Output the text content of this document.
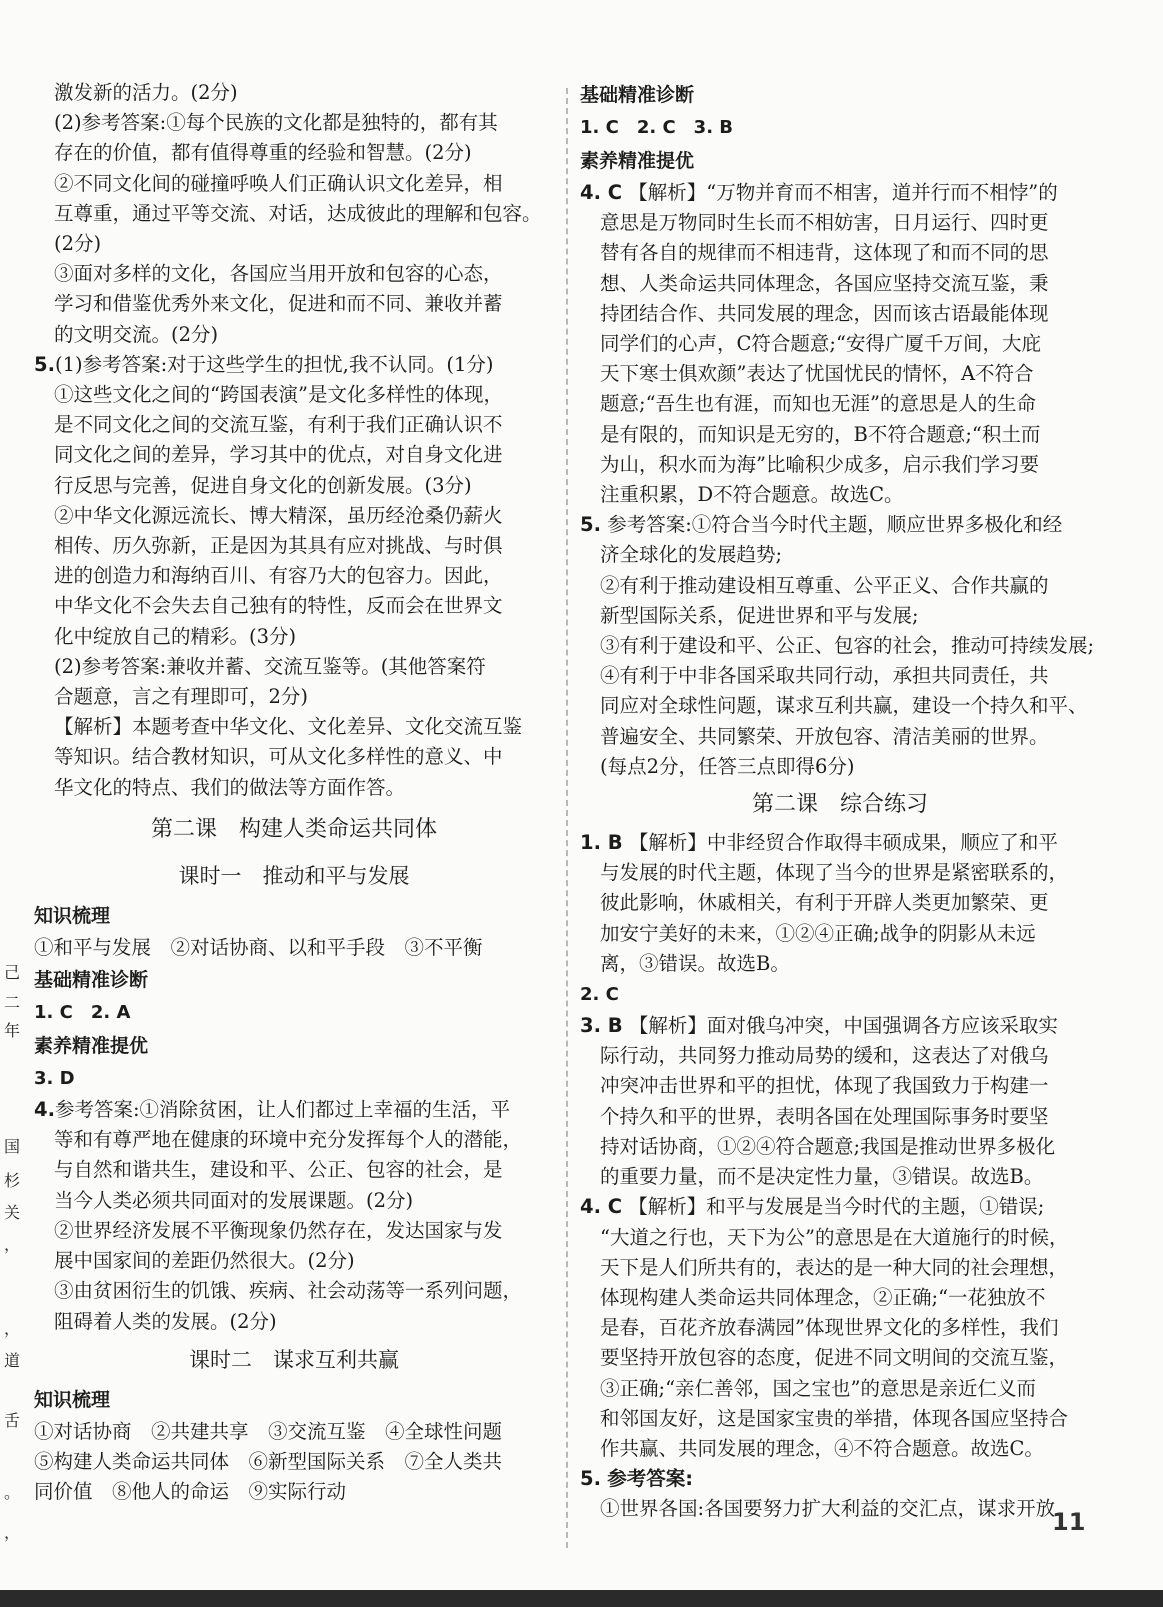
己
二
年
国
杉
关
，
，
道
舌
。
，
激发新的活力。(2分)
(2)参考答案:①每个民族的文化都是独特的，都有其
存在的价值，都有值得尊重的经验和智慧。(2分)
②不同文化间的碰撞呼唤人们正确认识文化差异，相
互尊重，通过平等交流、对话，达成彼此的理解和包容。
(2分)
③面对多样的文化，各国应当用开放和包容的心态，
学习和借鉴优秀外来文化，促进和而不同、兼收并蓄
的文明交流。(2分)
5.(1)参考答案:对于这些学生的担忧,我不认同。(1分)
①这些文化之间的“跨国表演”是文化多样性的体现，
是不同文化之间的交流互鉴，有利于我们正确认识不
同文化之间的差异，学习其中的优点，对自身文化进
行反思与完善，促进自身文化的创新发展。(3分)
②中华文化源远流长、博大精深，虽历经沧桑仍薪火
相传、历久弥新，正是因为其具有应对挑战、与时俱
进的创造力和海纳百川、有容乃大的包容力。因此，
中华文化不会失去自己独有的特性，反而会在世界文
化中绽放自己的精彩。(3分)
(2)参考答案:兼收并蓄、交流互鉴等。(其他答案符
合题意，言之有理即可，2分)
【解析】本题考查中华文化、文化差异、文化交流互鉴
等知识。结合教材知识，可从文化多样性的意义、中
华文化的特点、我们的做法等方面作答。
第二课　构建人类命运共同体
课时一　推动和平与发展
知识梳理
①和平与发展　②对话协商、以和平手段　③不平衡
基础精准诊断
1. C　2. A
素养精准提优
3. D
4.参考答案:①消除贫困，让人们都过上幸福的生活，平
等和有尊严地在健康的环境中充分发挥每个人的潜能，
与自然和谐共生，建设和平、公正、包容的社会，是
当今人类必须共同面对的发展课题。(2分)
②世界经济发展不平衡现象仍然存在，发达国家与发
展中国家间的差距仍然很大。(2分)
③由贫困衍生的饥饿、疾病、社会动荡等一系列问题，
阻碍着人类的发展。(2分)
课时二　谋求互利共赢
知识梳理
①对话协商　②共建共享　③交流互鉴　④全球性问题
⑤构建人类命运共同体　⑥新型国际关系　⑦全人类共
同价值　⑧他人的命运　⑨实际行动
基础精准诊断
1. C　2. C　3. B
素养精准提优
4. C 【解析】“万物并育而不相害，道并行而不相悖”的
意思是万物同时生长而不相妨害，日月运行、四时更
替有各自的规律而不相违背，这体现了和而不同的思
想、人类命运共同体理念，各国应坚持交流互鉴，秉
持团结合作、共同发展的理念，因而该古语最能体现
同学们的心声，C符合题意;“安得广厦千万间，大庇
天下寒士俱欢颜”表达了忧国忧民的情怀，A不符合
题意;“吾生也有涯，而知也无涯”的意思是人的生命
是有限的，而知识是无穷的，B不符合题意;“积土而
为山，积水而为海”比喻积少成多，启示我们学习要
注重积累，D不符合题意。故选C。
5. 参考答案:①符合当今时代主题，顺应世界多极化和经
济全球化的发展趋势;
②有利于推动建设相互尊重、公平正义、合作共赢的
新型国际关系，促进世界和平与发展;
③有利于建设和平、公正、包容的社会，推动可持续发展;
④有利于中非各国采取共同行动，承担共同责任，共
同应对全球性问题，谋求互利共赢，建设一个持久和平、
普遍安全、共同繁荣、开放包容、清洁美丽的世界。
(每点2分，任答三点即得6分)
第二课　综合练习
1. B 【解析】中非经贸合作取得丰硕成果，顺应了和平
与发展的时代主题，体现了当今的世界是紧密联系的，
彼此影响，休戚相关，有利于开辟人类更加繁荣、更
加安宁美好的未来，①②④正确;战争的阴影从未远
离，③错误。故选B。
2. C
3. B 【解析】面对俄乌冲突，中国强调各方应该采取实
际行动，共同努力推动局势的缓和，这表达了对俄乌
冲突冲击世界和平的担忧，体现了我国致力于构建一
个持久和平的世界，表明各国在处理国际事务时要坚
持对话协商，①②④符合题意;我国是推动世界多极化
的重要力量，而不是决定性力量，③错误。故选B。
4. C 【解析】和平与发展是当今时代的主题，①错误;
“大道之行也，天下为公”的意思是在大道施行的时候，
天下是人们所共有的，表达的是一种大同的社会理想，
体现构建人类命运共同体理念，②正确;“一花独放不
是春，百花齐放春满园”体现世界文化的多样性，我们
要坚持开放包容的态度，促进不同文明间的交流互鉴，
③正确;“亲仁善邻，国之宝也”的意思是亲近仁义而
和邻国友好，这是国家宝贵的举措，体现各国应坚持合
作共赢、共同发展的理念，④不符合题意。故选C。
5. 参考答案:
①世界各国:各国要努力扩大利益的交汇点，谋求开放
11
